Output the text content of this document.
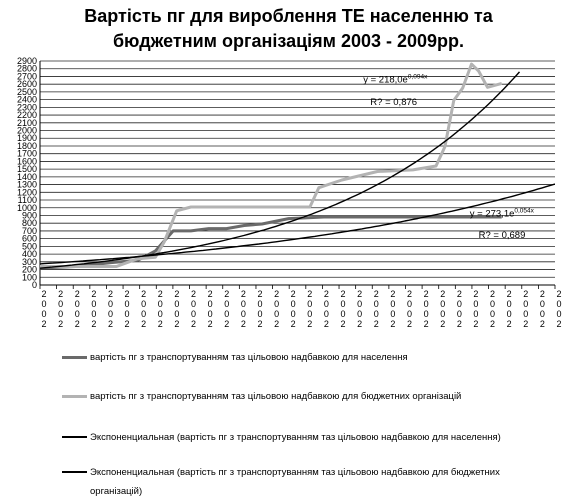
Вартість пг для вироблення ТЕ населенню та
бюджетним організаціям 2003 - 2009рр.
0
100
200
300
400
500
600
700
800
900
1000
1100
1200
1300
1400
1500
1600
1700
1800
1900
2000
2100
2200
2300
2400
2500
2600
2700
2800
2900
2
0
0
2
2
0
0
2
2
0
0
2
2
0
0
2
2
0
0
2
2
0
0
2
2
0
0
2
2
0
0
2
2
0
0
2
2
0
0
2
2
0
0
2
2
0
0
2
2
0
0
2
2
0
0
2
2
0
0
2
2
0
0
2
2
0
0
2
2
0
0
2
2
0
0
2
2
0
0
2
2
0
0
2
2
0
0
2
2
0
0
2
2
0
0
2
2
0
0
2
2
0
0
2
2
0
0
2
2
0
0
2
2
0
0
2
2
0
0
2
2
0
0
2
2
0
0
2
$y = 218,0e^{0,094x}$
R? = 0,876
$y = 273,1e^{0,054x}$
R? = 0,689
вартість пг з транспортуванням таз цільовою надбавкою для населення
вартість пг з транспортуванням таз цільовою надбавкою для бюджетних організацій
Экспоненциальная (вартість пг з транспортуванням таз цільовою надбавкою для населення)
Экспоненциальная (вартість пг з транспортуванням таз цільовою надбавкою для бюджетних організацій)
